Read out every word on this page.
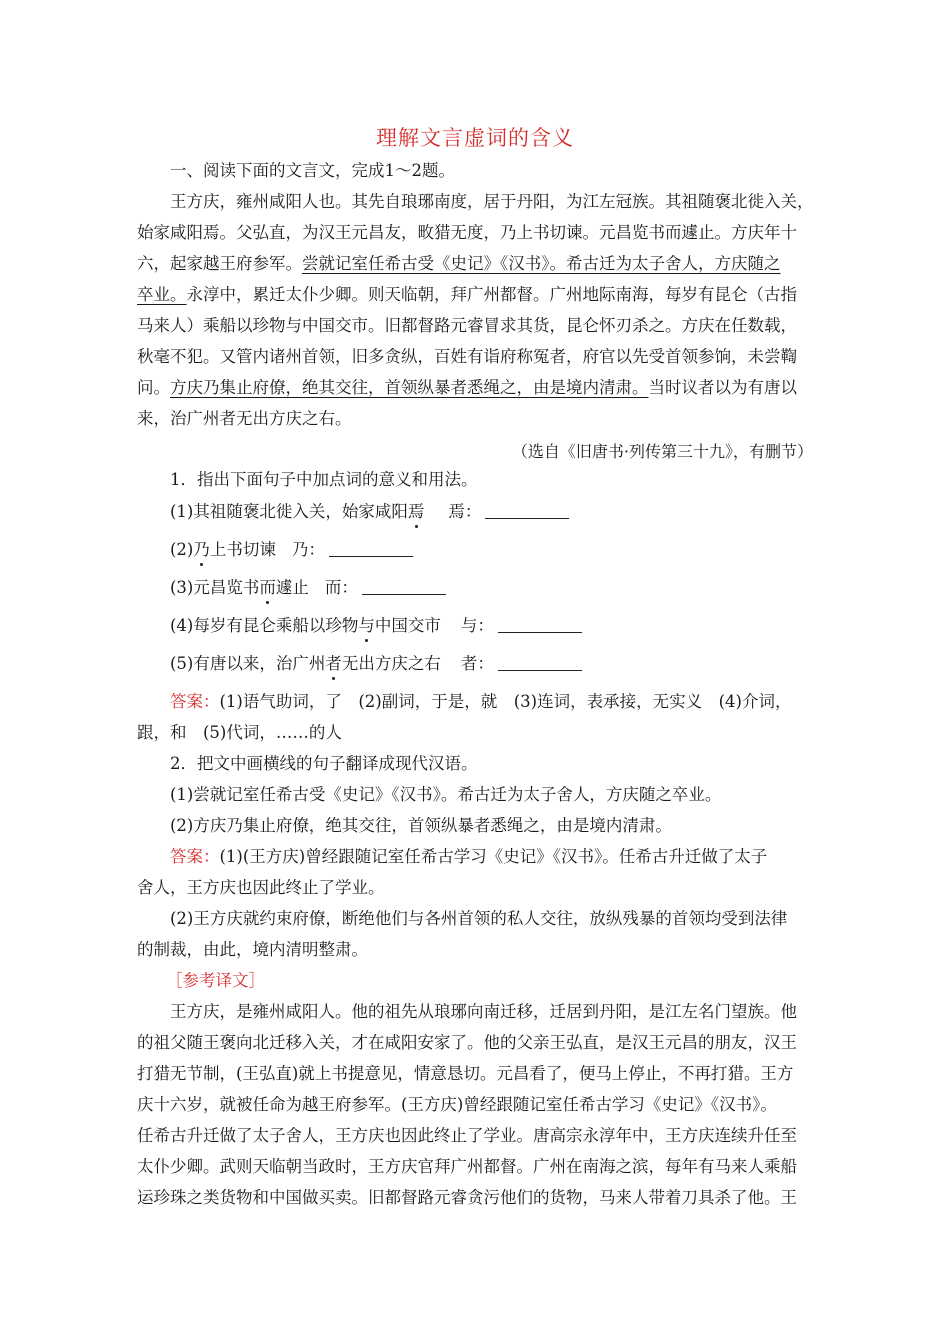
理解文言虚词的含义
一、阅读下面的文言文，完成1～2题。
王方庆，雍州咸阳人也。其先自琅琊南度，居于丹阳，为江左冠族。其祖随褒北徙入关，
始家咸阳焉。父弘直，为汉王元昌友，畋猎无度，乃上书切谏。元昌览书而遽止。方庆年十
六，起家越王府参军。尝就记室任希古受《史记》《汉书》。希古迁为太子舍人，方庆随之
卒业。永淳中，累迁太仆少卿。则天临朝，拜广州都督。广州地际南海，每岁有昆仑（古指
马来人）乘船以珍物与中国交市。旧都督路元睿冒求其货，昆仑怀刃杀之。方庆在任数载，
秋毫不犯。又管内诸州首领，旧多贪纵，百姓有诣府称冤者，府官以先受首领参饷，未尝鞫
问。方庆乃集止府僚，绝其交往，首领纵暴者悉绳之，由是境内清肃。当时议者以为有唐以
来，治广州者无出方庆之右。
（选自《旧唐书·列传第三十九》，有删节）
1．指出下面句子中加点词的意义和用法。
(1)其祖随褒北徙入关，始家咸阳焉 焉：
(2)乃上书切谏 乃：
(3)元昌览书而遽止 而：
(4)每岁有昆仑乘船以珍物与中国交市 与：
(5)有唐以来，治广州者无出方庆之右 者：
答案：(1)语气助词，了　(2)副词，于是，就　(3)连词，表承接，无实义　(4)介词，
跟，和　(5)代词，……的人
2．把文中画横线的句子翻译成现代汉语。
(1)尝就记室任希古受《史记》《汉书》。希古迁为太子舍人，方庆随之卒业。
(2)方庆乃集止府僚，绝其交往，首领纵暴者悉绳之，由是境内清肃。
答案：(1)(王方庆)曾经跟随记室任希古学习《史记》《汉书》。任希古升迁做了太子
舍人，王方庆也因此终止了学业。
(2)王方庆就约束府僚，断绝他们与各州首领的私人交往，放纵残暴的首领均受到法律
的制裁，由此，境内清明整肃。
［参考译文］
王方庆，是雍州咸阳人。他的祖先从琅琊向南迁移，迁居到丹阳，是江左名门望族。他
的祖父随王褒向北迁移入关，才在咸阳安家了。他的父亲王弘直，是汉王元昌的朋友，汉王
打猎无节制，(王弘直)就上书提意见，情意恳切。元昌看了，便马上停止，不再打猎。王方
庆十六岁，就被任命为越王府参军。(王方庆)曾经跟随记室任希古学习《史记》《汉书》。
任希古升迁做了太子舍人，王方庆也因此终止了学业。唐高宗永淳年中，王方庆连续升任至
太仆少卿。武则天临朝当政时，王方庆官拜广州都督。广州在南海之滨，每年有马来人乘船
运珍珠之类货物和中国做买卖。旧都督路元睿贪污他们的货物，马来人带着刀具杀了他。王
